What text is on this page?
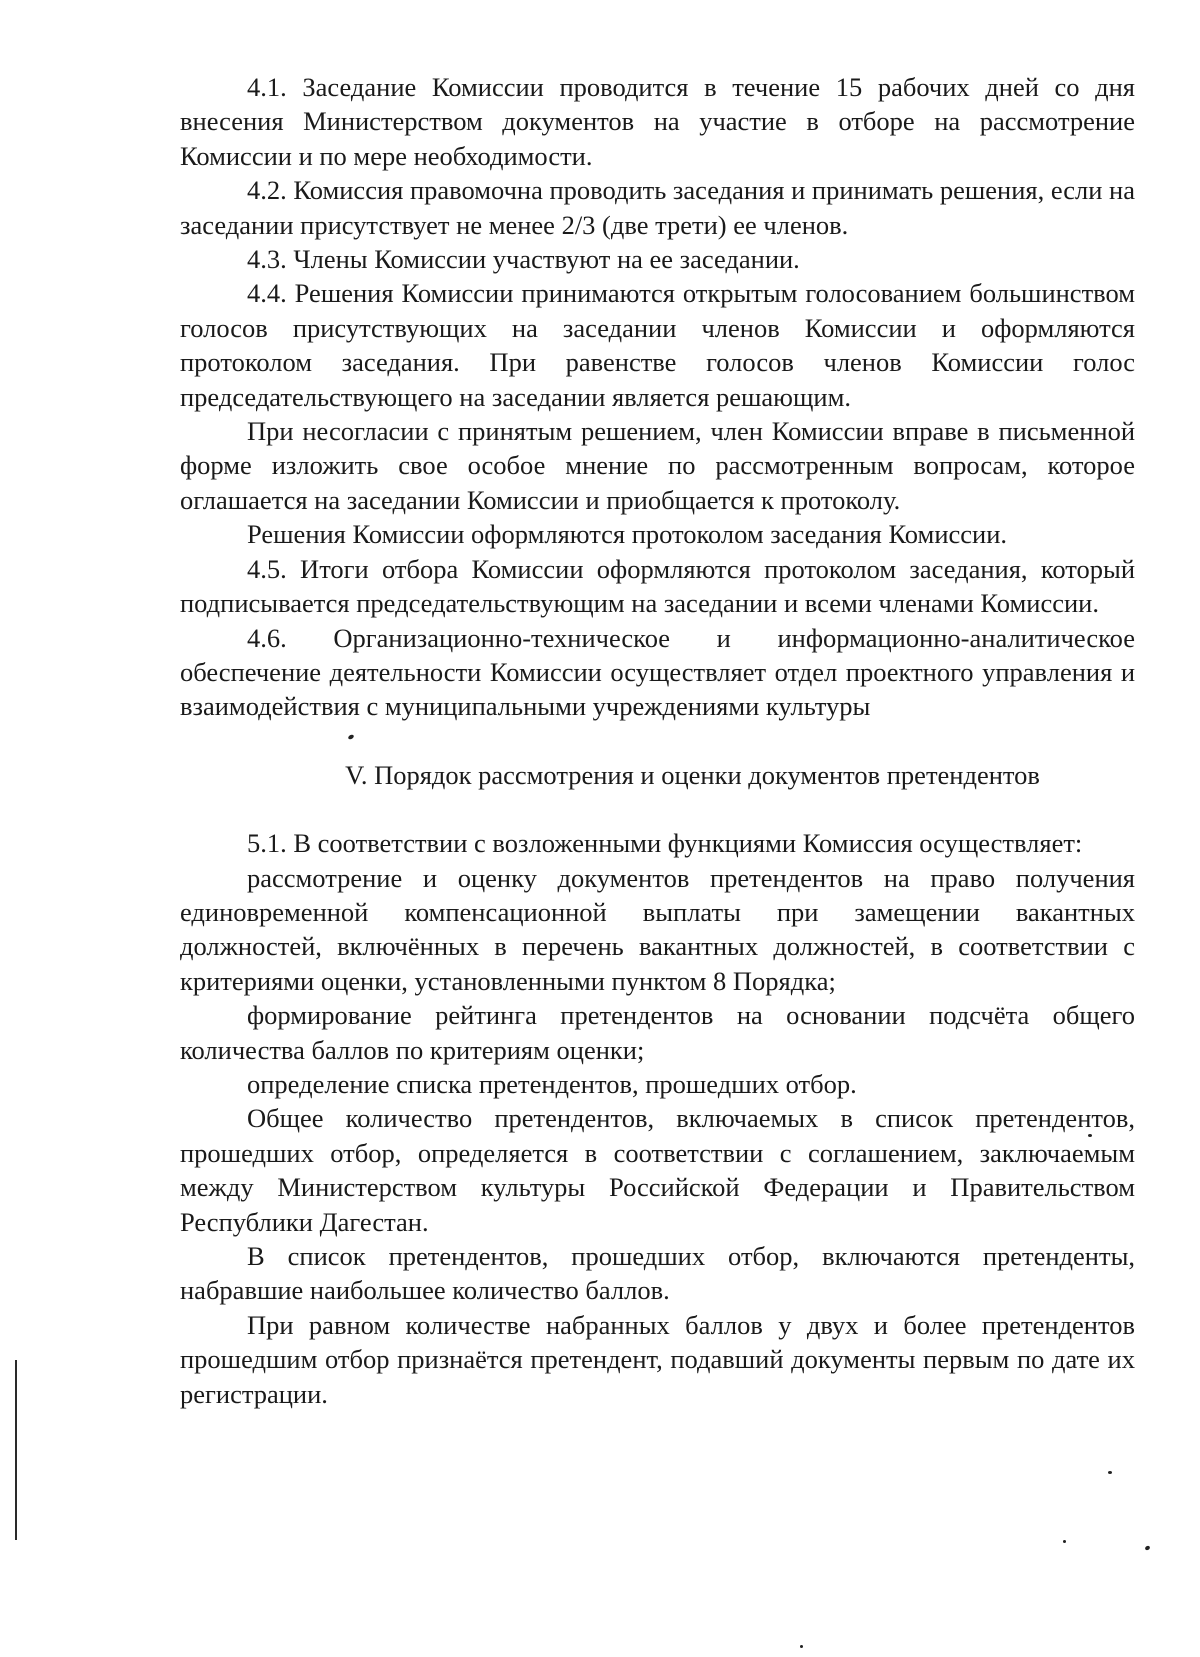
4.1. Заседание Комиссии проводится в течение 15 рабочих дней со дня внесения Министерством документов на участие в отборе на рассмотрение Комиссии и по мере необходимости.

4.2. Комиссия правомочна проводить заседания и принимать решения, если на заседании присутствует не менее 2/3 (две трети) ее членов.

4.3. Члены Комиссии участвуют на ее заседании.

4.4. Решения Комиссии принимаются открытым голосованием большинством голосов присутствующих на заседании членов Комиссии и оформляются протоколом заседания. При равенстве голосов членов Комиссии голос председательствующего на заседании является решающим.

При несогласии с принятым решением, член Комиссии вправе в письменной форме изложить свое особое мнение по рассмотренным вопросам, которое оглашается на заседании Комиссии и приобщается к протоколу.

Решения Комиссии оформляются протоколом заседания Комиссии.

4.5. Итоги отбора Комиссии оформляются протоколом заседания, который подписывается председательствующим на заседании и всеми членами Комиссии.

4.6. Организационно-техническое и информационно-аналитическое обеспечение деятельности Комиссии осуществляет отдел проектного управления и взаимодействия с муниципальными учреждениями культуры

V. Порядок рассмотрения и оценки документов претендентов

5.1. В соответствии с возложенными функциями Комиссия осуществляет:

рассмотрение и оценку документов претендентов на право получения единовременной компенсационной выплаты при замещении вакантных должностей, включённых в перечень вакантных должностей, в соответствии с критериями оценки, установленными пунктом 8 Порядка;

формирование рейтинга претендентов на основании подсчёта общего количества баллов по критериям оценки;

определение списка претендентов, прошедших отбор.

Общее количество претендентов, включаемых в список претендентов, прошедших отбор, определяется в соответствии с соглашением, заключаемым между Министерством культуры Российской Федерации и Правительством Республики Дагестан.

В список претендентов, прошедших отбор, включаются претенденты, набравшие наибольшее количество баллов.

При равном количестве набранных баллов у двух и более претендентов прошедшим отбор признаётся претендент, подавший документы первым по дате их регистрации.
